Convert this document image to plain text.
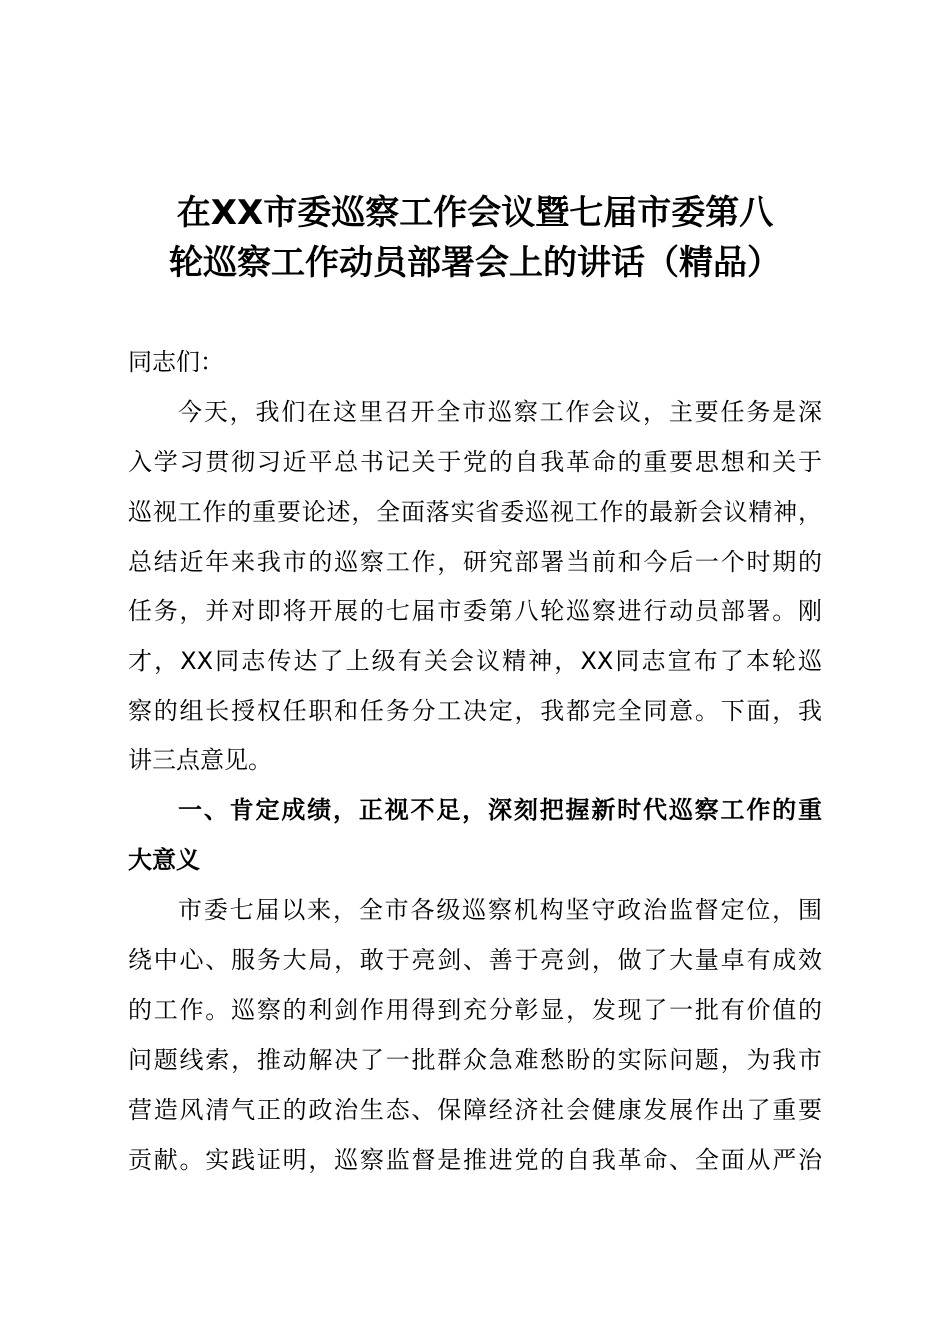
在XX市委巡察工作会议暨七届市委第八
轮巡察工作动员部署会上的讲话（精品）
同志们：
今天，我们在这里召开全市巡察工作会议，主要任务是深
入学习贯彻习近平总书记关于党的自我革命的重要思想和关于
巡视工作的重要论述，全面落实省委巡视工作的最新会议精神，
总结近年来我市的巡察工作，研究部署当前和今后一个时期的
任务，并对即将开展的七届市委第八轮巡察进行动员部署。刚
才，XX同志传达了上级有关会议精神，XX同志宣布了本轮巡
察的组长授权任职和任务分工决定，我都完全同意。下面，我
讲三点意见。
一、肯定成绩，正视不足，深刻把握新时代巡察工作的重
大意义
市委七届以来，全市各级巡察机构坚守政治监督定位，围
绕中心、服务大局，敢于亮剑、善于亮剑，做了大量卓有成效
的工作。巡察的利剑作用得到充分彰显，发现了一批有价值的
问题线索，推动解决了一批群众急难愁盼的实际问题，为我市
营造风清气正的政治生态、保障经济社会健康发展作出了重要
贡献。实践证明，巡察监督是推进党的自我革命、全面从严治
